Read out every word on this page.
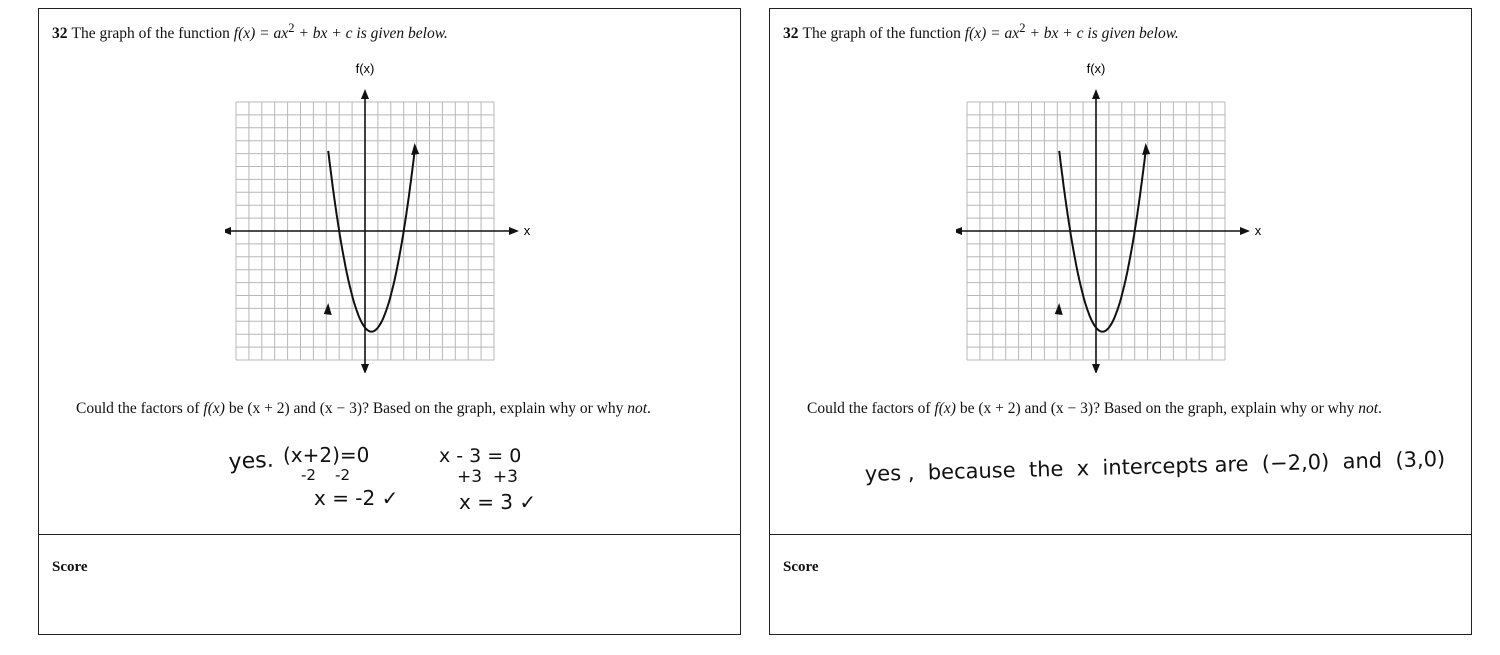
32 The graph of the function $f(x) = ax^2$ + bx + c is given below.
f(x)
x
Could the factors of f(x) be (x + 2) and (x − 3)? Based on the graph, explain why or why not.
yes. (x+2)=0
-2    -2
x = -2 ✓
x - 3 = 0
+3  +3
x = 3 ✓
Score
32 The graph of the function $f(x) = ax^2$ + bx + c is given below.
f(x)
x
Could the factors of f(x) be (x + 2) and (x − 3)? Based on the graph, explain why or why not.
yes ,  because  the  x  intercepts are  (−2,0)  and  (3,0)
Score
